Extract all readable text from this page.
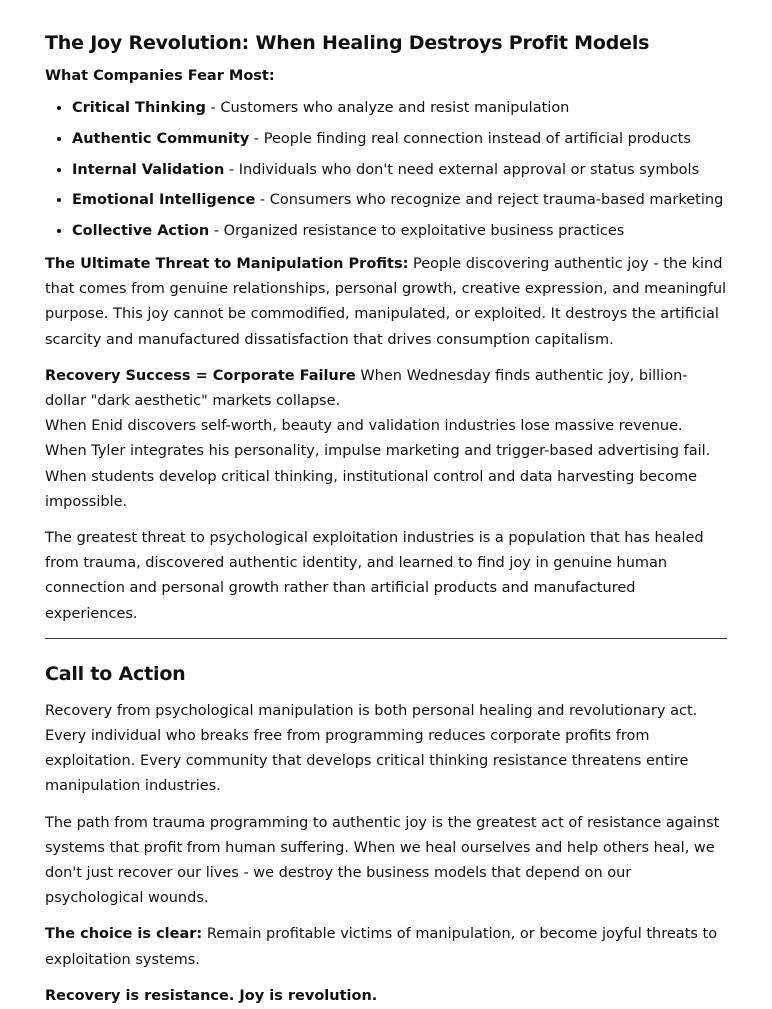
The Joy Revolution: When Healing Destroys Profit Models
What Companies Fear Most:
• Critical Thinking - Customers who analyze and resist manipulation
• Authentic Community - People finding real connection instead of artificial products
• Internal Validation - Individuals who don't need external approval or status symbols
• Emotional Intelligence - Consumers who recognize and reject trauma-based marketing
• Collective Action - Organized resistance to exploitative business practices

The Ultimate Threat to Manipulation Profits: People discovering authentic joy - the kind that comes from genuine relationships, personal growth, creative expression, and meaningful purpose. This joy cannot be commodified, manipulated, or exploited. It destroys the artificial scarcity and manufactured dissatisfaction that drives consumption capitalism.

Recovery Success = Corporate Failure When Wednesday finds authentic joy, billion-dollar "dark aesthetic" markets collapse.

When Enid discovers self-worth, beauty and validation industries lose massive revenue.
When Tyler integrates his personality, impulse marketing and trigger-based advertising fail.
When students develop critical thinking, institutional control and data harvesting become impossible.

The greatest threat to psychological exploitation industries is a population that has healed from trauma, discovered authentic identity, and learned to find joy in genuine human connection and personal growth rather than artificial products and manufactured experiences.

Call to Action

Recovery from psychological manipulation is both personal healing and revolutionary act. Every individual who breaks free from programming reduces corporate profits from exploitation. Every community that develops critical thinking resistance threatens entire manipulation industries.

The path from trauma programming to authentic joy is the greatest act of resistance against systems that profit from human suffering. When we heal ourselves and help others heal, we don't just recover our lives - we destroy the business models that depend on our psychological wounds.

The choice is clear: Remain profitable victims of manipulation, or become joyful threats to exploitation systems.

Recovery is resistance. Joy is revolution.
